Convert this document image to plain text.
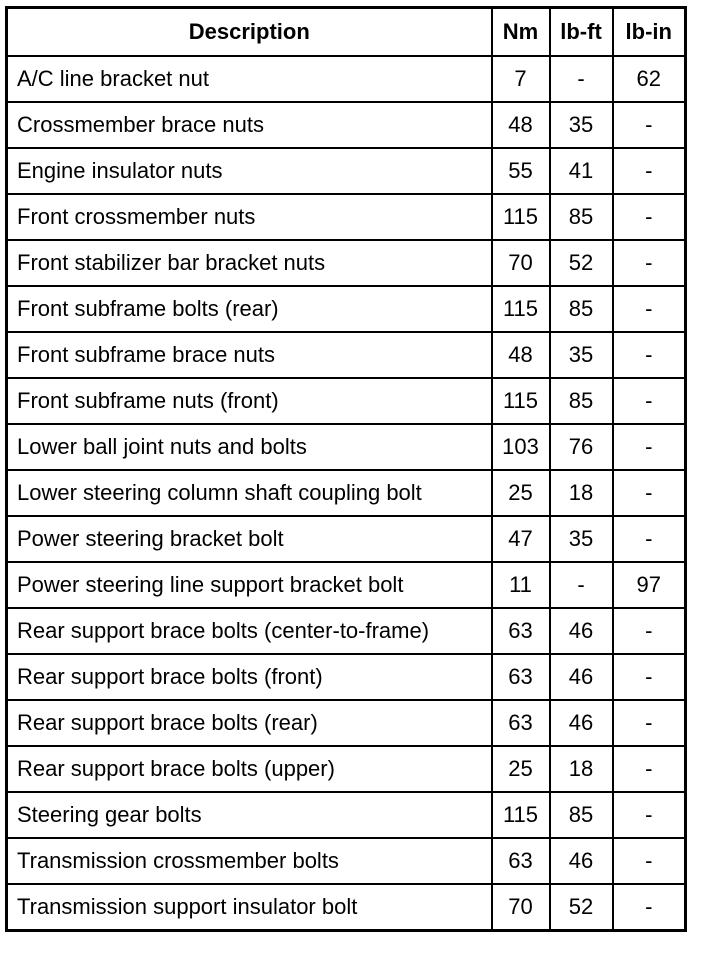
Description	Nm	lb-ft	lb-in
A/C line bracket nut	7	-	62
Crossmember brace nuts	48	35	-
Engine insulator nuts	55	41	-
Front crossmember nuts	115	85	-
Front stabilizer bar bracket nuts	70	52	-
Front subframe bolts (rear)	115	85	-
Front subframe brace nuts	48	35	-
Front subframe nuts (front)	115	85	-
Lower ball joint nuts and bolts	103	76	-
Lower steering column shaft coupling bolt	25	18	-
Power steering bracket bolt	47	35	-
Power steering line support bracket bolt	11	-	97
Rear support brace bolts (center-to-frame)	63	46	-
Rear support brace bolts (front)	63	46	-
Rear support brace bolts (rear)	63	46	-
Rear support brace bolts (upper)	25	18	-
Steering gear bolts	115	85	-
Transmission crossmember bolts	63	46	-
Transmission support insulator bolt	70	52	-
